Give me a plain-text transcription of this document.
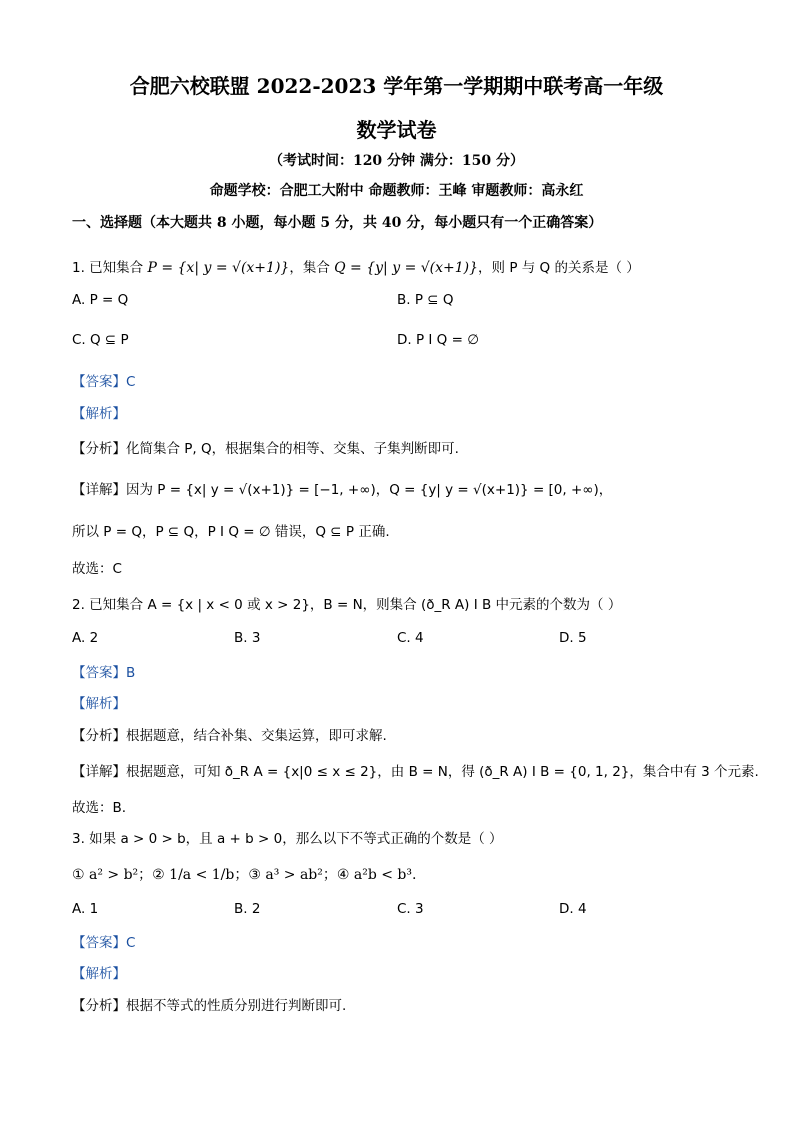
合肥六校联盟 2022-2023 学年第一学期期中联考高一年级
数学试卷
（考试时间：120 分钟 满分：150 分）
命题学校：合肥工大附中 命题教师：王峰 审题教师：高永红
一、选择题（本大题共 8 小题，每小题 5 分，共 40 分，每小题只有一个正确答案）
1. 已知集合 P = {x| y = √(x+1)}，集合 Q = {y| y = √(x+1)}，则 P 与 Q 的关系是（ ）
A. P = Q	B. P ⊆ Q
C. Q ⊆ P	D. P I Q = ∅
【答案】C
【解析】
【分析】化简集合 P, Q，根据集合的相等、交集、子集判断即可.
【详解】因为 P = {x| y = √(x+1)} = [−1, +∞)，Q = {y| y = √(x+1)} = [0, +∞)，
所以 P = Q，P ⊆ Q，P I Q = ∅ 错误，Q ⊆ P 正确.
故选：C
2. 已知集合 A = {x | x < 0 或 x > 2}，B = N，则集合 (ð_R A) I B 中元素的个数为（ ）
A. 2	B. 3	C. 4	D. 5
【答案】B
【解析】
【分析】根据题意，结合补集、交集运算，即可求解.
【详解】根据题意，可知 ð_R A = {x|0 ≤ x ≤ 2}，由 B = N，得 (ð_R A) I B = {0, 1, 2}，集合中有 3 个元素.
故选：B.
3. 如果 a > 0 > b，且 a + b > 0，那么以下不等式正确的个数是（ ）
① a² > b²；② 1/a < 1/b；③ a³ > ab²；④ a²b < b³.
A. 1	B. 2	C. 3	D. 4
【答案】C
【解析】
【分析】根据不等式的性质分别进行判断即可.
